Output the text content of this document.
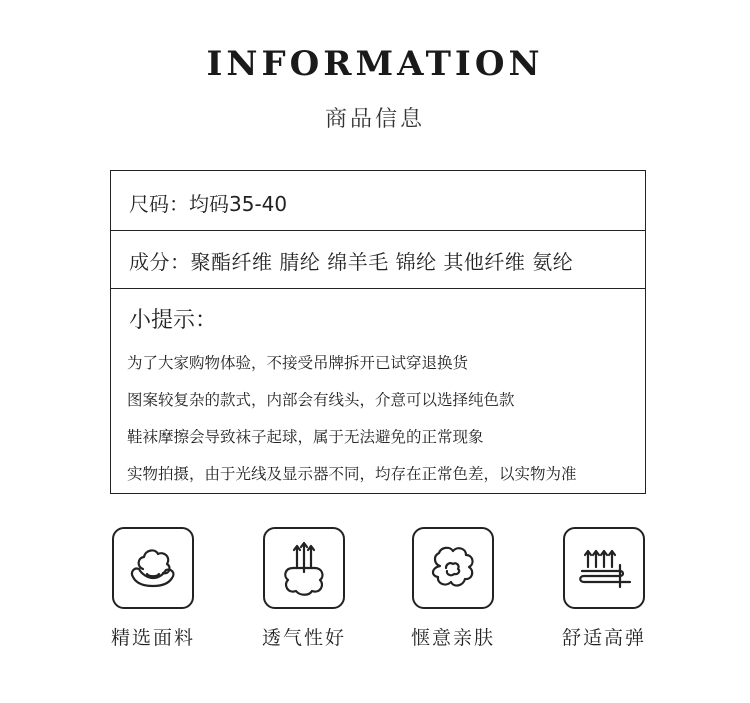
INFORMATION
商品信息
尺码：均码35-40
成分：聚酯纤维 腈纶 绵羊毛 锦纶 其他纤维 氨纶
小提示：
为了大家购物体验，不接受吊牌拆开已试穿退换货
图案较复杂的款式，内部会有线头，介意可以选择纯色款
鞋袜摩擦会导致袜子起球，属于无法避免的正常现象
实物拍摄，由于光线及显示器不同，均存在正常色差，以实物为准
精选面料	透气性好	惬意亲肤	舒适高弹
